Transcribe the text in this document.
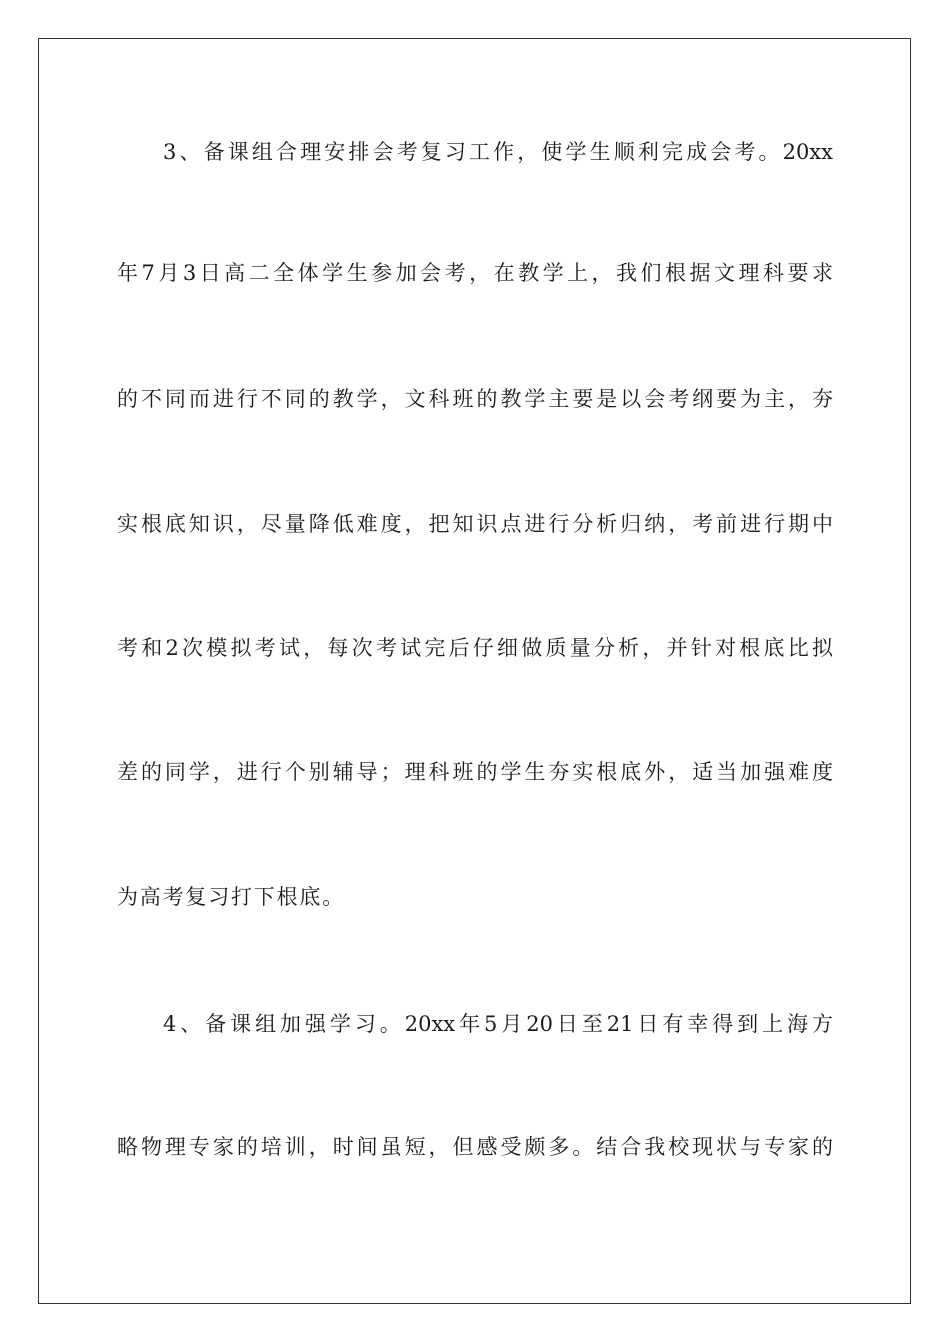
3、备课组合理安排会考复习工作，使学生顺利完成会考。20xx
年7月3日高二全体学生参加会考，在教学上，我们根据文理科要求
的不同而进行不同的教学，文科班的教学主要是以会考纲要为主，夯
实根底知识，尽量降低难度，把知识点进行分析归纳，考前进行期中
考和2次模拟考试，每次考试完后仔细做质量分析，并针对根底比拟
差的同学，进行个别辅导；理科班的学生夯实根底外，适当加强难度
为高考复习打下根底。
4、备课组加强学习。20xx年5月20日至21日有幸得到上海方
略物理专家的培训，时间虽短，但感受颇多。结合我校现状与专家的
